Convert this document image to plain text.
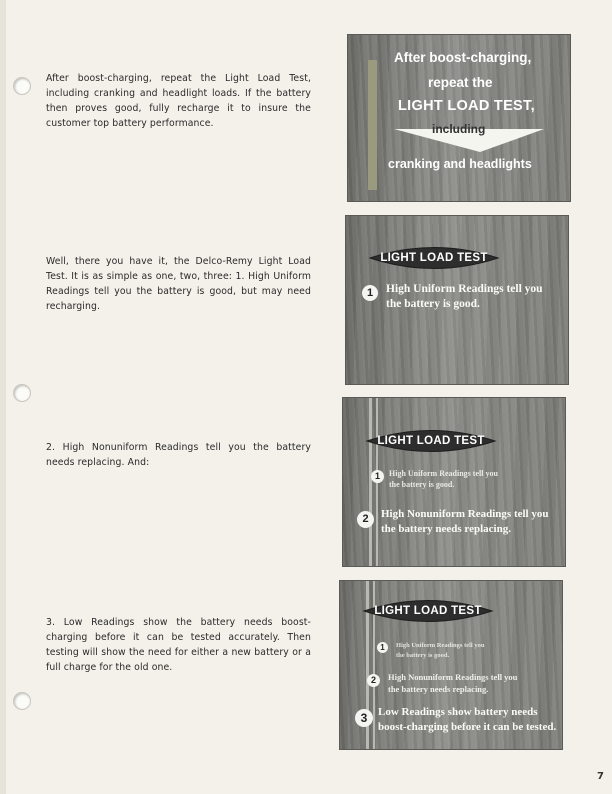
After boost-charging, repeat the Light Load Test, including cranking and headlight loads. If the battery then proves good, fully recharge it to insure the customer top battery performance.

Well, there you have it, the Delco-Remy Light Load Test. It is as simple as one, two, three: 1. High Uniform Readings tell you the battery is good, but may need recharging.

2. High Nonuniform Readings tell you the battery needs replacing. And:

3. Low Readings show the battery needs boost-charging before it can be tested accurately. Then testing will show the need for either a new battery or a full charge for the old one.

After boost-charging,
repeat the
LIGHT LOAD TEST,
including
cranking and headlights
LIGHT LOAD TEST
1	High Uniform Readings tell you
the battery is good.
LIGHT LOAD TEST
1	High Uniform Readings tell you
the battery is good.
2	High Nonuniform Readings tell you
the battery needs replacing.
LIGHT LOAD TEST
1	High Uniform Readings tell you
the battery is good.
2	High Nonuniform Readings tell you
the battery needs replacing.
3 Low Readings show battery needs
boost-charging before it can be tested.
7
